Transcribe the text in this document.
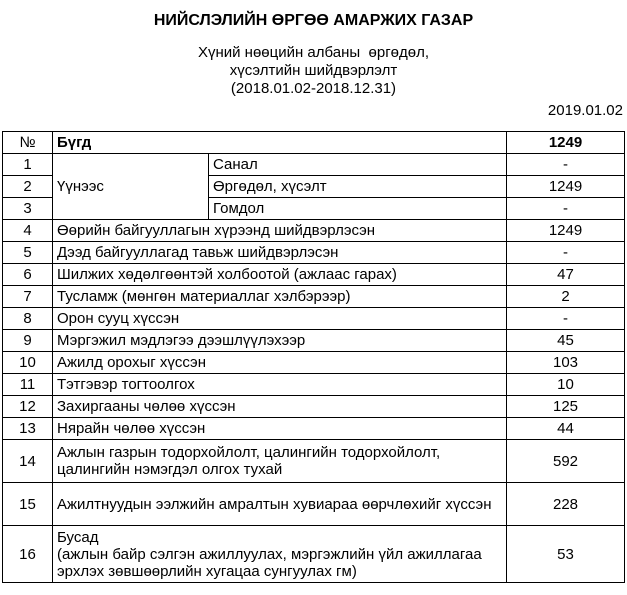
НИЙСЛЭЛИЙН ӨРГӨӨ АМАРЖИХ ГАЗАР
Хүний нөөцийн албаны  өргөдөл,
хүсэлтийн шийдвэрлэлт
(2018.01.02-2018.12.31)
2019.01.02
№	Бүгд		1249
1	Үүнээс	Санал	-
2		Өргөдөл, хүсэлт	1249
3		Гомдол	-
4	Өөрийн байгууллагын хүрээнд шийдвэрлэсэн		1249
5	Дээд байгууллагад тавьж шийдвэрлэсэн		-
6	Шилжих хөдөлгөөнтэй холбоотой (ажлаас гарах)		47
7	Тусламж (мөнгөн материаллаг хэлбэрээр)		2
8	Орон сууц хүссэн		-
9	Мэргэжил мэдлэгээ дээшлүүлэхээр		45
10	Ажилд орохыг хүссэн		103
11	Тэтгэвэр тогтоолгох		10
12	Захиргааны чөлөө хүссэн		125
13	Нярайн чөлөө хүссэн		44
14	Ажлын газрын тодорхойлолт, цалингийн тодорхойлолт, цалингийн нэмэгдэл олгох тухай		592
15	Ажилтнуудын ээлжийн амралтын хувиараа өөрчлөхийг хүссэн		228
16	Бусад
(ажлын байр сэлгэн ажиллуулах, мэргэжлийн үйл ажиллагаа эрхлэх зөвшөөрлийн хугацаа сунгуулах гм)		53
